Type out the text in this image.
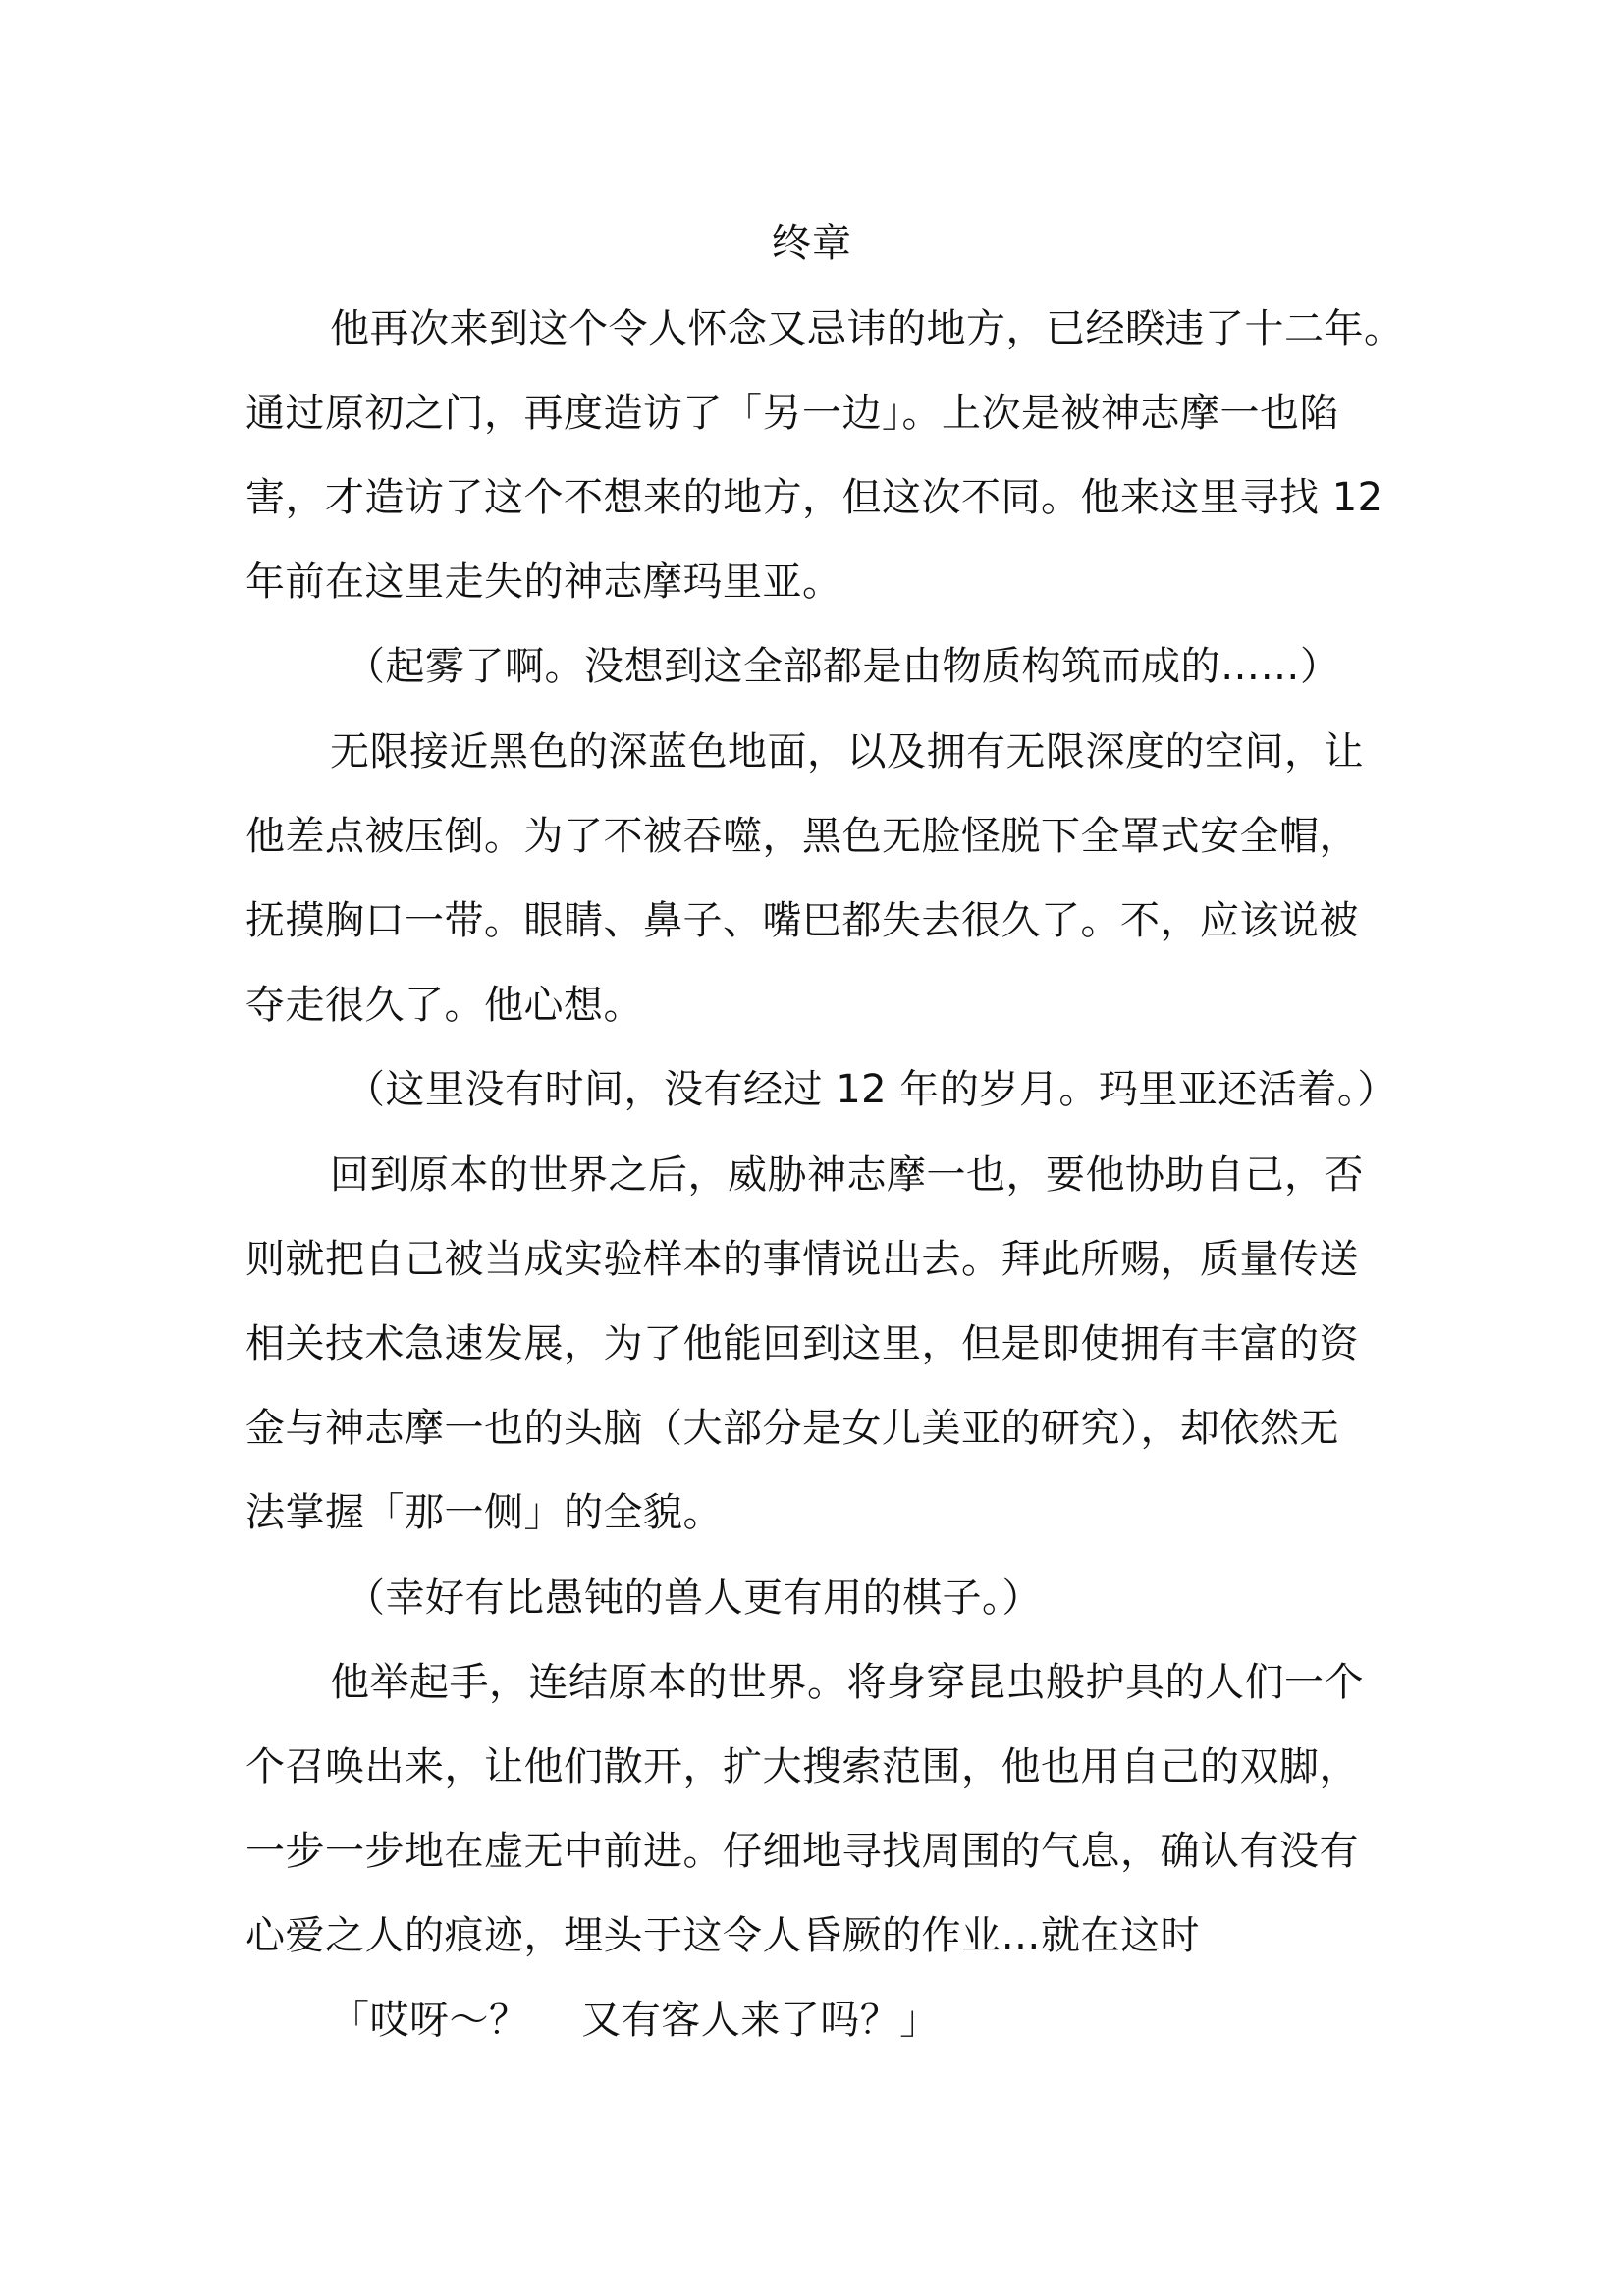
终章
他再次来到这个令人怀念又忌讳的地方，已经睽违了十二年。
通过原初之门，再度造访了「另一边」。上次是被神志摩一也陷
害，才造访了这个不想来的地方，但这次不同。他来这里寻找 12
年前在这里走失的神志摩玛里亚。
（起雾了啊。没想到这全部都是由物质构筑而成的……）
无限接近黑色的深蓝色地面，以及拥有无限深度的空间，让
他差点被压倒。为了不被吞噬，黑色无脸怪脱下全罩式安全帽，
抚摸胸口一带。眼睛、鼻子、嘴巴都失去很久了。不，应该说被
夺走很久了。他心想。
（这里没有时间，没有经过 12 年的岁月。玛里亚还活着。）
回到原本的世界之后，威胁神志摩一也，要他协助自己，否
则就把自己被当成实验样本的事情说出去。拜此所赐，质量传送
相关技术急速发展，为了他能回到这里，但是即使拥有丰富的资
金与神志摩一也的头脑（大部分是女儿美亚的研究），却依然无
法掌握「那一侧」的全貌。
（幸好有比愚钝的兽人更有用的棋子。）
他举起手，连结原本的世界。将身穿昆虫般护具的人们一个
个召唤出来，让他们散开，扩大搜索范围，他也用自己的双脚，
一步一步地在虚无中前进。仔细地寻找周围的气息，确认有没有
心爱之人的痕迹，埋头于这令人昏厥的作业…就在这时
「哎呀～？　 又有客人来了吗？」
